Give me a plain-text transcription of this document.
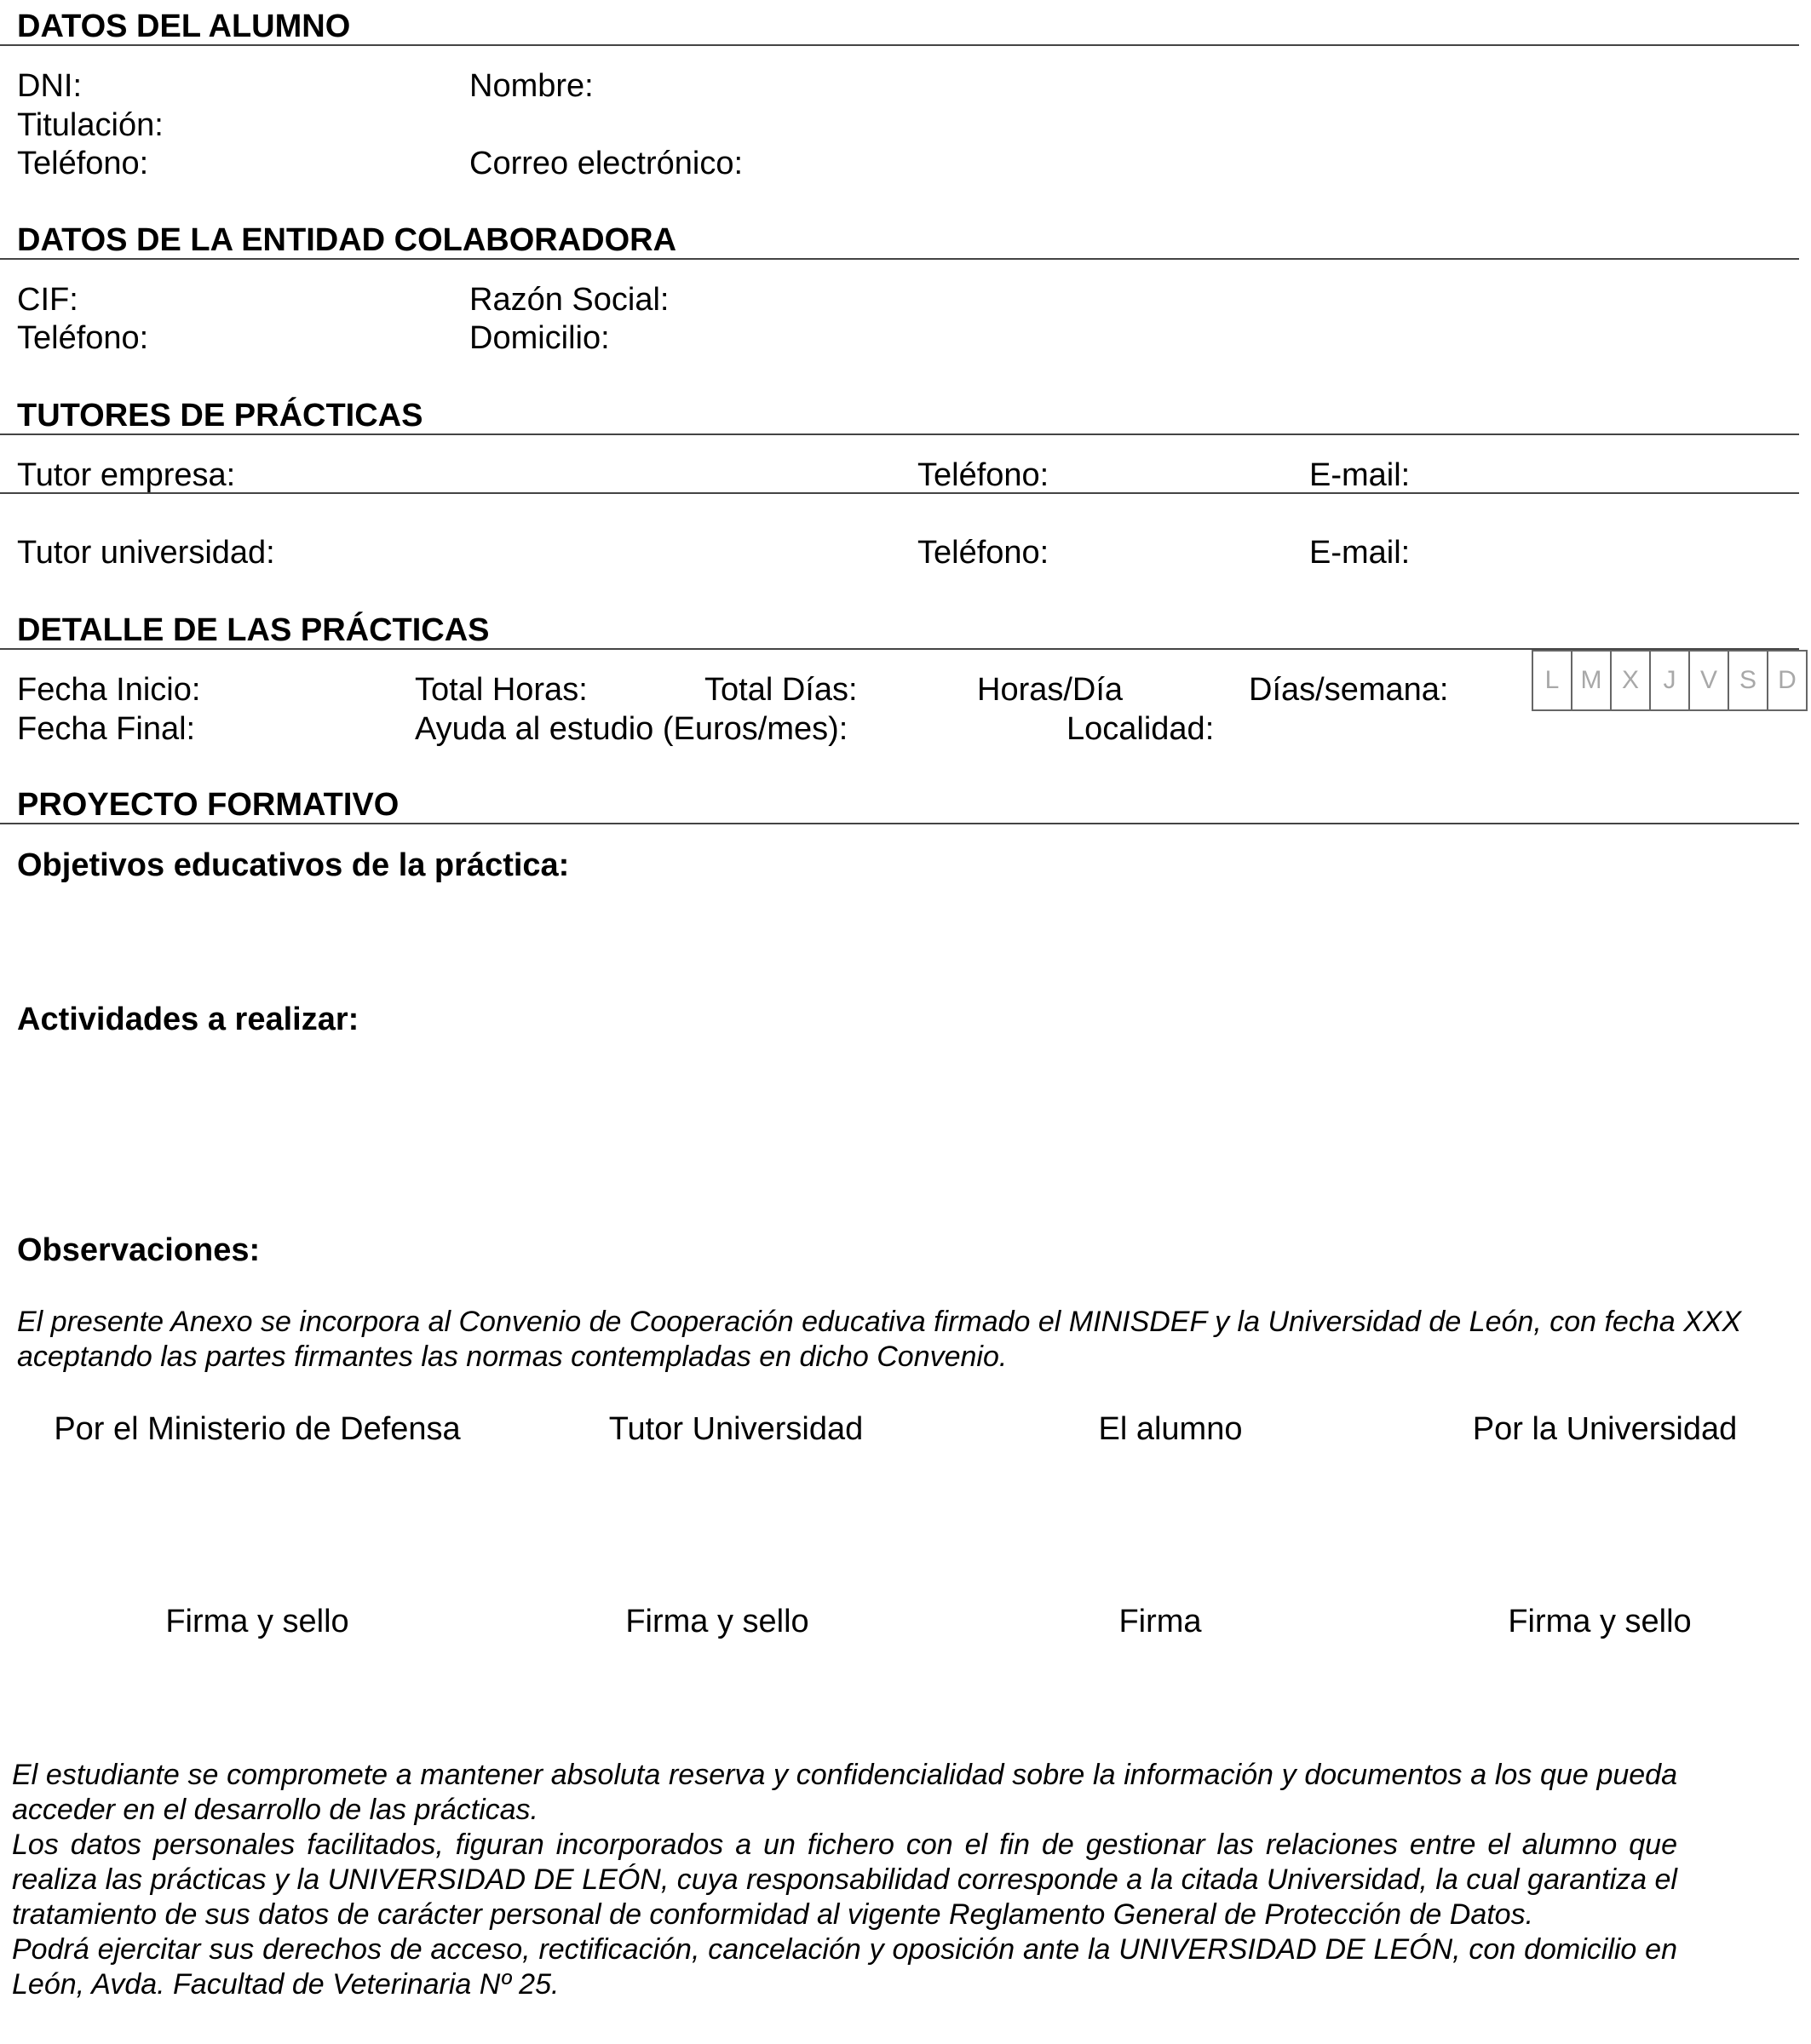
DATOS DEL ALUMNO
DNI:	Nombre:
Titulación:
Teléfono:	Correo electrónico:
DATOS DE LA ENTIDAD COLABORADORA
CIF:	Razón Social:
Teléfono:	Domicilio:
TUTORES DE PRÁCTICAS
Tutor empresa:	Teléfono:	E-mail:
Tutor universidad:	Teléfono:	E-mail:
DETALLE DE LAS PRÁCTICAS
Fecha Inicio:	Total Horas:	Total Días:	Horas/Día	Días/semana:	L M X J V S D
Fecha Final:	Ayuda al estudio (Euros/mes):	Localidad:
PROYECTO FORMATIVO
Objetivos educativos de la práctica:
Actividades a realizar:
Observaciones:

El presente Anexo se incorpora al Convenio de Cooperación educativa firmado el MINISDEF y la Universidad de León, con fecha XXX aceptando las partes firmantes las normas contempladas en dicho Convenio.

Por el Ministerio de Defensa	Tutor Universidad	El alumno	Por la Universidad
Firma y sello	Firma y sello	Firma	Firma y sello

El estudiante se compromete a mantener absoluta reserva y confidencialidad sobre la información y documentos a los que pueda acceder en el desarrollo de las prácticas.

Los datos personales facilitados, figuran incorporados a un fichero con el fin de gestionar las relaciones entre el alumno que realiza las prácticas y la UNIVERSIDAD DE LEÓN, cuya responsabilidad corresponde a la citada Universidad, la cual garantiza el tratamiento de sus datos de carácter personal de conformidad al vigente Reglamento General de Protección de Datos.

Podrá ejercitar sus derechos de acceso, rectificación, cancelación y oposición ante la UNIVERSIDAD DE LEÓN, con domicilio en León, Avda. Facultad de Veterinaria Nº 25.
